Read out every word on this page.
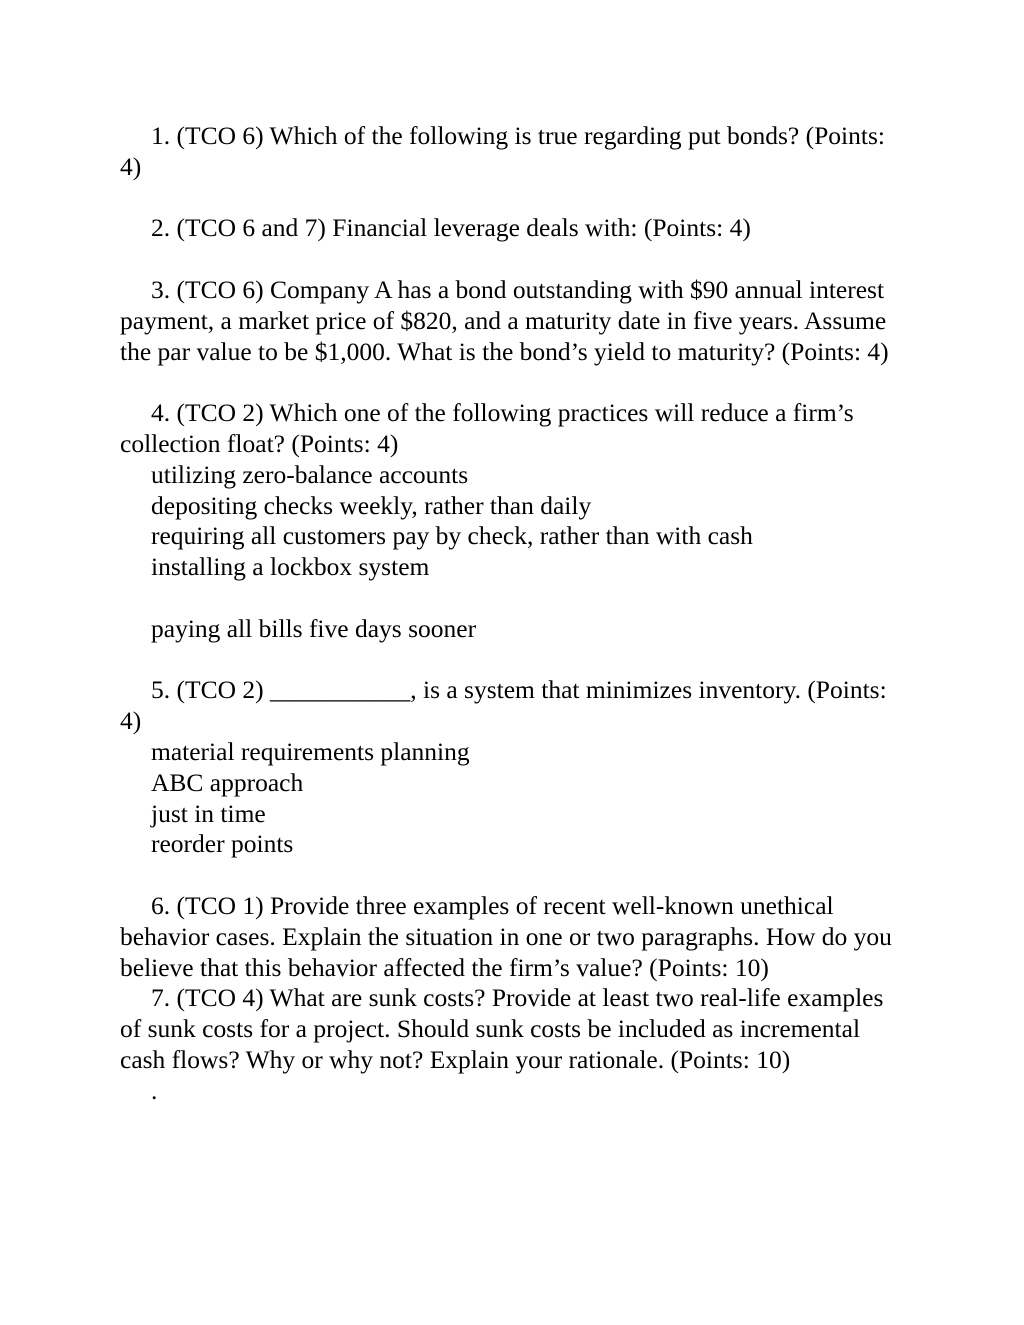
1. (TCO 6) Which of the following is true regarding put bonds? (Points: 4)

2. (TCO 6 and 7) Financial leverage deals with: (Points: 4)

3. (TCO 6) Company A has a bond outstanding with $90 annual interest payment, a market price of $820, and a maturity date in five years. Assume the par value to be $1,000. What is the bond’s yield to maturity? (Points: 4)

4. (TCO 2) Which one of the following practices will reduce a firm’s collection float? (Points: 4)

utilizing zero-balance accounts
depositing checks weekly, rather than daily
requiring all customers pay by check, rather than with cash
installing a lockbox system
paying all bills five days sooner

5. (TCO 2) ___________, is a system that minimizes inventory. (Points: 4)

material requirements planning
ABC approach
just in time
reorder points

6. (TCO 1) Provide three examples of recent well-known unethical behavior cases. Explain the situation in one or two paragraphs. How do you believe that this behavior affected the firm’s value? (Points: 10)

7. (TCO 4) What are sunk costs? Provide at least two real-life examples of sunk costs for a project. Should sunk costs be included as incremental cash flows? Why or why not? Explain your rationale. (Points: 10)

.
